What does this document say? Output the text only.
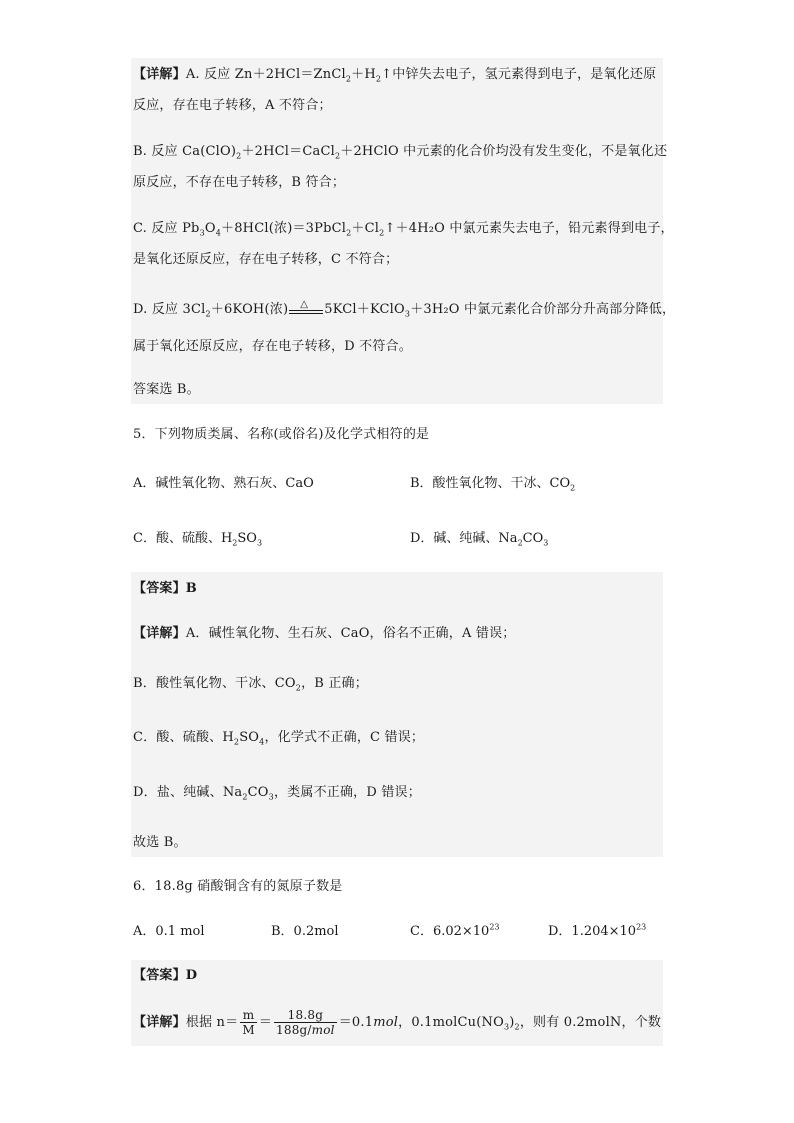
【详解】A. 反应 $Zn+2HCl=ZnCl_2+H_2↑$中锌失去电子，氢元素得到电子，是氧化还原
反应，存在电子转移，A 不符合；
B. 反应 $Ca(ClO)_2+2HCl=CaCl_2+2HClO$ 中元素的化合价均没有发生变化，不是氧化还
原反应，不存在电子转移，B 符合；
C. 反应 $Pb_3O_4+8HCl$(浓)$=3PbCl_2+Cl_2↑+4H_2O$ 中氯元素失去电子，铅元素得到电子，
是氧化还原反应，存在电子转移，C 不符合；
D. 反应 $3Cl_2+6KOH$(浓) △ 5KCl＋KClO$_3$＋3H₂O 中氯元素化合价部分升高部分降低，
属于氧化还原反应，存在电子转移，D 不符合。
答案选 B。
5．下列物质类属、名称(或俗名)及化学式相符的是
A．碱性氧化物、熟石灰、CaO	B．酸性氧化物、干冰、$CO_2$
C．酸、硫酸、$H_2SO_3$	D．碱、纯碱、$Na_2CO_3$
【答案】B
【详解】A．碱性氧化物、生石灰、CaO，俗名不正确，A 错误；
B．酸性氧化物、干冰、$CO_2$，B 正确；
C．酸、硫酸、$H_2SO_4$，化学式不正确，C 错误；
D．盐、纯碱、$Na_2CO_3$，类属不正确，D 错误；
故选 B。
6．18.8g 硝酸铜含有的氮原子数是
A．0.1 mol	B．0.2mol	C．$6.02\times 10^{23}$	D．$1.204\times 10^{23}$
【答案】D
【详解】根据 $n= \frac{m}{M} = \frac{18.8g}{\text{188g/mol}} =0.1mol$，$0.1molCu(NO_3)_2$，则有 0.2molN，个数
